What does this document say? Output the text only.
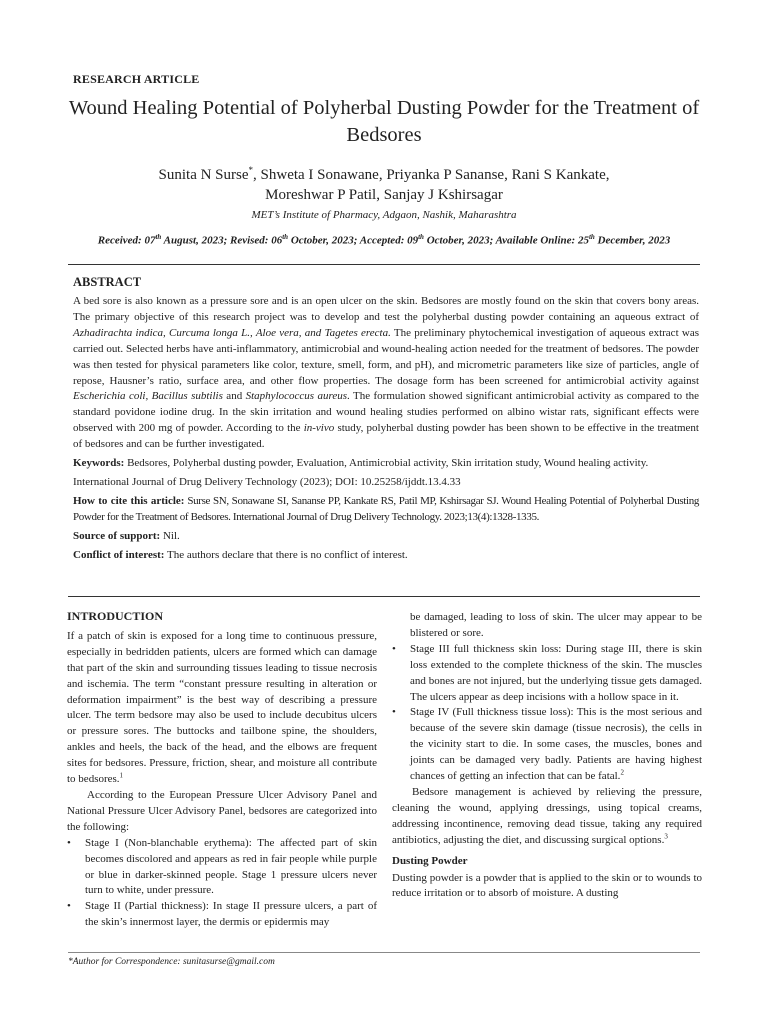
RESEARCH ARTICLE
Wound Healing Potential of Polyherbal Dusting Powder for the Treatment of Bedsores
Sunita N Surse*, Shweta I Sonawane, Priyanka P Sananse, Rani S Kankate,
Moreshwar P Patil, Sanjay J Kshirsagar
MET’s Institute of Pharmacy, Adgaon, Nashik, Maharashtra
Received: 07th August, 2023; Revised: 06th October, 2023; Accepted: 09th October, 2023; Available Online: 25th December, 2023
ABSTRACT

A bed sore is also known as a pressure sore and is an open ulcer on the skin. Bedsores are mostly found on the skin that covers bony areas. The primary objective of this research project was to develop and test the polyherbal dusting powder containing an aqueous extract of Azhadirachta indica, Curcuma longa L., Aloe vera, and Tagetes erecta. The preliminary phytochemical investigation of aqueous extract was carried out. Selected herbs have anti-inflammatory, antimicrobial and wound-healing action needed for the treatment of bedsores. The powder was then tested for physical parameters like color, texture, smell, form, and pH), and micrometric parameters like size of particles, angle of repose, Hausner’s ratio, surface area, and other flow properties. The dosage form has been screened for antimicrobial activity against Escherichia coli, Bacillus subtilis and Staphylococcus aureus. The formulation showed significant antimicrobial activity as compared to the standard povidone iodine drug. In the skin irritation and wound healing studies performed on albino wistar rats, significant effects were observed with 200 mg of powder. According to the in-vivo study, polyherbal dusting powder has been shown to be effective in the treatment of bedsores and can be further investigated.

Keywords: Bedsores, Polyherbal dusting powder, Evaluation, Antimicrobial activity, Skin irritation study, Wound healing activity.

International Journal of Drug Delivery Technology (2023); DOI: 10.25258/ijddt.13.4.33

How to cite this article: Surse SN, Sonawane SI, Sananse PP, Kankate RS, Patil MP, Kshirsagar SJ. Wound Healing Potential of Polyherbal Dusting Powder for the Treatment of Bedsores. International Journal of Drug Delivery Technology. 2023;13(4):1328-1335.

Source of support: Nil.

Conflict of interest: The authors declare that there is no conflict of interest.

INTRODUCTION

If a patch of skin is exposed for a long time to continuous pressure, especially in bedridden patients, ulcers are formed which can damage that part of the skin and surrounding tissues leading to tissue necrosis and ischemia. The term “constant pressure resulting in alteration or deformation impairment” is the best way of describing a pressure ulcer. The term bedsore may also be used to include decubitus ulcers or pressure sores. The buttocks and tailbone spine, the shoulders, ankles and heels, the back of the head, and the elbows are frequent sites for bedsores. Pressure, friction, shear, and moisture all contribute to bedsores.$^1$

According to the European Pressure Ulcer Advisory Panel and National Pressure Ulcer Advisory Panel, bedsores are categorized into the following:

• Stage I (Non-blanchable erythema): The affected part of skin becomes discolored and appears as red in fair people while purple or blue in darker-skinned people. Stage 1 pressure ulcers never turn to white, under pressure.
• Stage II (Partial thickness): In stage II pressure ulcers, a part of the skin’s innermost layer, the dermis or epidermis may
be damaged, leading to loss of skin. The ulcer may appear to be blistered or sore.
• Stage III full thickness skin loss: During stage III, there is skin loss extended to the complete thickness of the skin. The muscles and bones are not injured, but the underlying tissue gets damaged. The ulcers appear as deep incisions with a hollow space in it.
• Stage IV (Full thickness tissue loss): This is the most serious and because of the severe skin damage (tissue necrosis), the cells in the vicinity start to die. In some cases, the muscles, bones and joints can be damaged very badly. Patients are having highest chances of getting an infection that can be fatal.$^2$

Bedsore management is achieved by relieving the pressure, cleaning the wound, applying dressings, using topical creams, addressing incontinence, removing dead tissue, taking any required antibiotics, adjusting the diet, and discussing surgical options.$^3$

Dusting Powder

Dusting powder is a powder that is applied to the skin or to wounds to reduce irritation or to absorb of moisture. A dusting

*Author for Correspondence: sunitasurse@gmail.com
